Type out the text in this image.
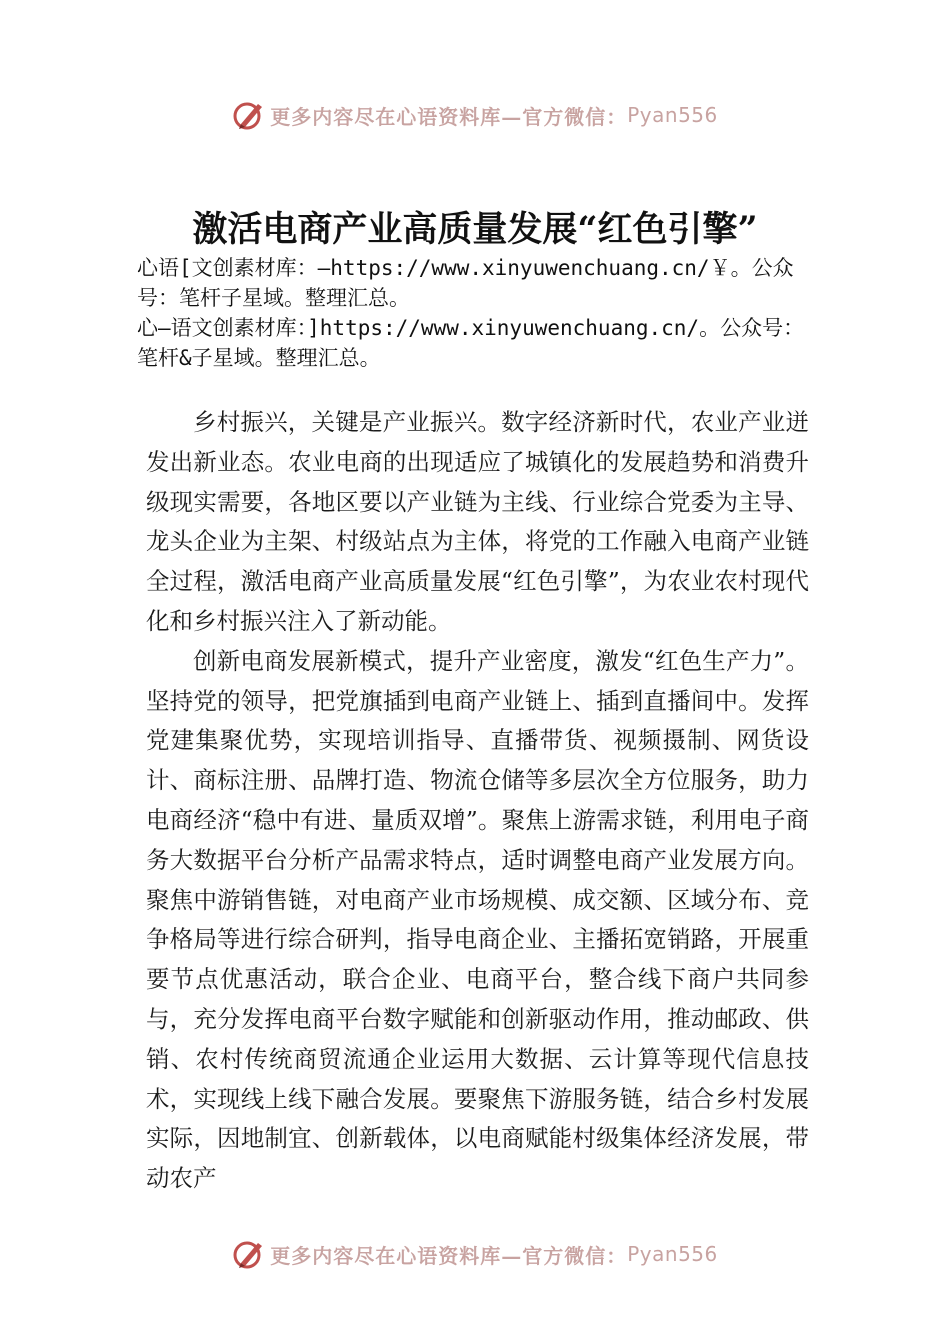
更多内容尽在心语资料库—官方微信： Pyan556
激活电商产业高质量发展“红色引擎”

心语[文创素材库：—https://www.xinyuwenchuang.cn/￥。公众号：笔杆子星域。整理汇总。

心—语文创素材库：]https://www.xinyuwenchuang.cn/。公众号：笔杆&子星域。整理汇总。

乡村振兴，关键是产业振兴。数字经济新时代，农业产业迸发出新业态。农业电商的出现适应了城镇化的发展趋势和消费升级现实需要，各地区要以产业链为主线、行业综合党委为主导、龙头企业为主架、村级站点为主体，将党的工作融入电商产业链全过程，激活电商产业高质量发展“红色引擎”，为农业农村现代化和乡村振兴注入了新动能。

创新电商发展新模式，提升产业密度，激发“红色生产力”。坚持党的领导，把党旗插到电商产业链上、插到直播间中。发挥党建集聚优势，实现培训指导、直播带货、视频摄制、网货设计、商标注册、品牌打造、物流仓储等多层次全方位服务，助力电商经济“稳中有进、量质双增”。聚焦上游需求链，利用电子商务大数据平台分析产品需求特点，适时调整电商产业发展方向。聚焦中游销售链，对电商产业市场规模、成交额、区域分布、竞争格局等进行综合研判，指导电商企业、主播拓宽销路，开展重要节点优惠活动，联合企业、电商平台，整合线下商户共同参与，充分发挥电商平台数字赋能和创新驱动作用，推动邮政、供销、农村传统商贸流通企业运用大数据、云计算等现代信息技术，实现线上线下融合发展。要聚焦下游服务链，结合乡村发展实际，因地制宜、创新载体，以电商赋能村级集体经济发展，带动农产

更多内容尽在心语资料库—官方微信： Pyan556
